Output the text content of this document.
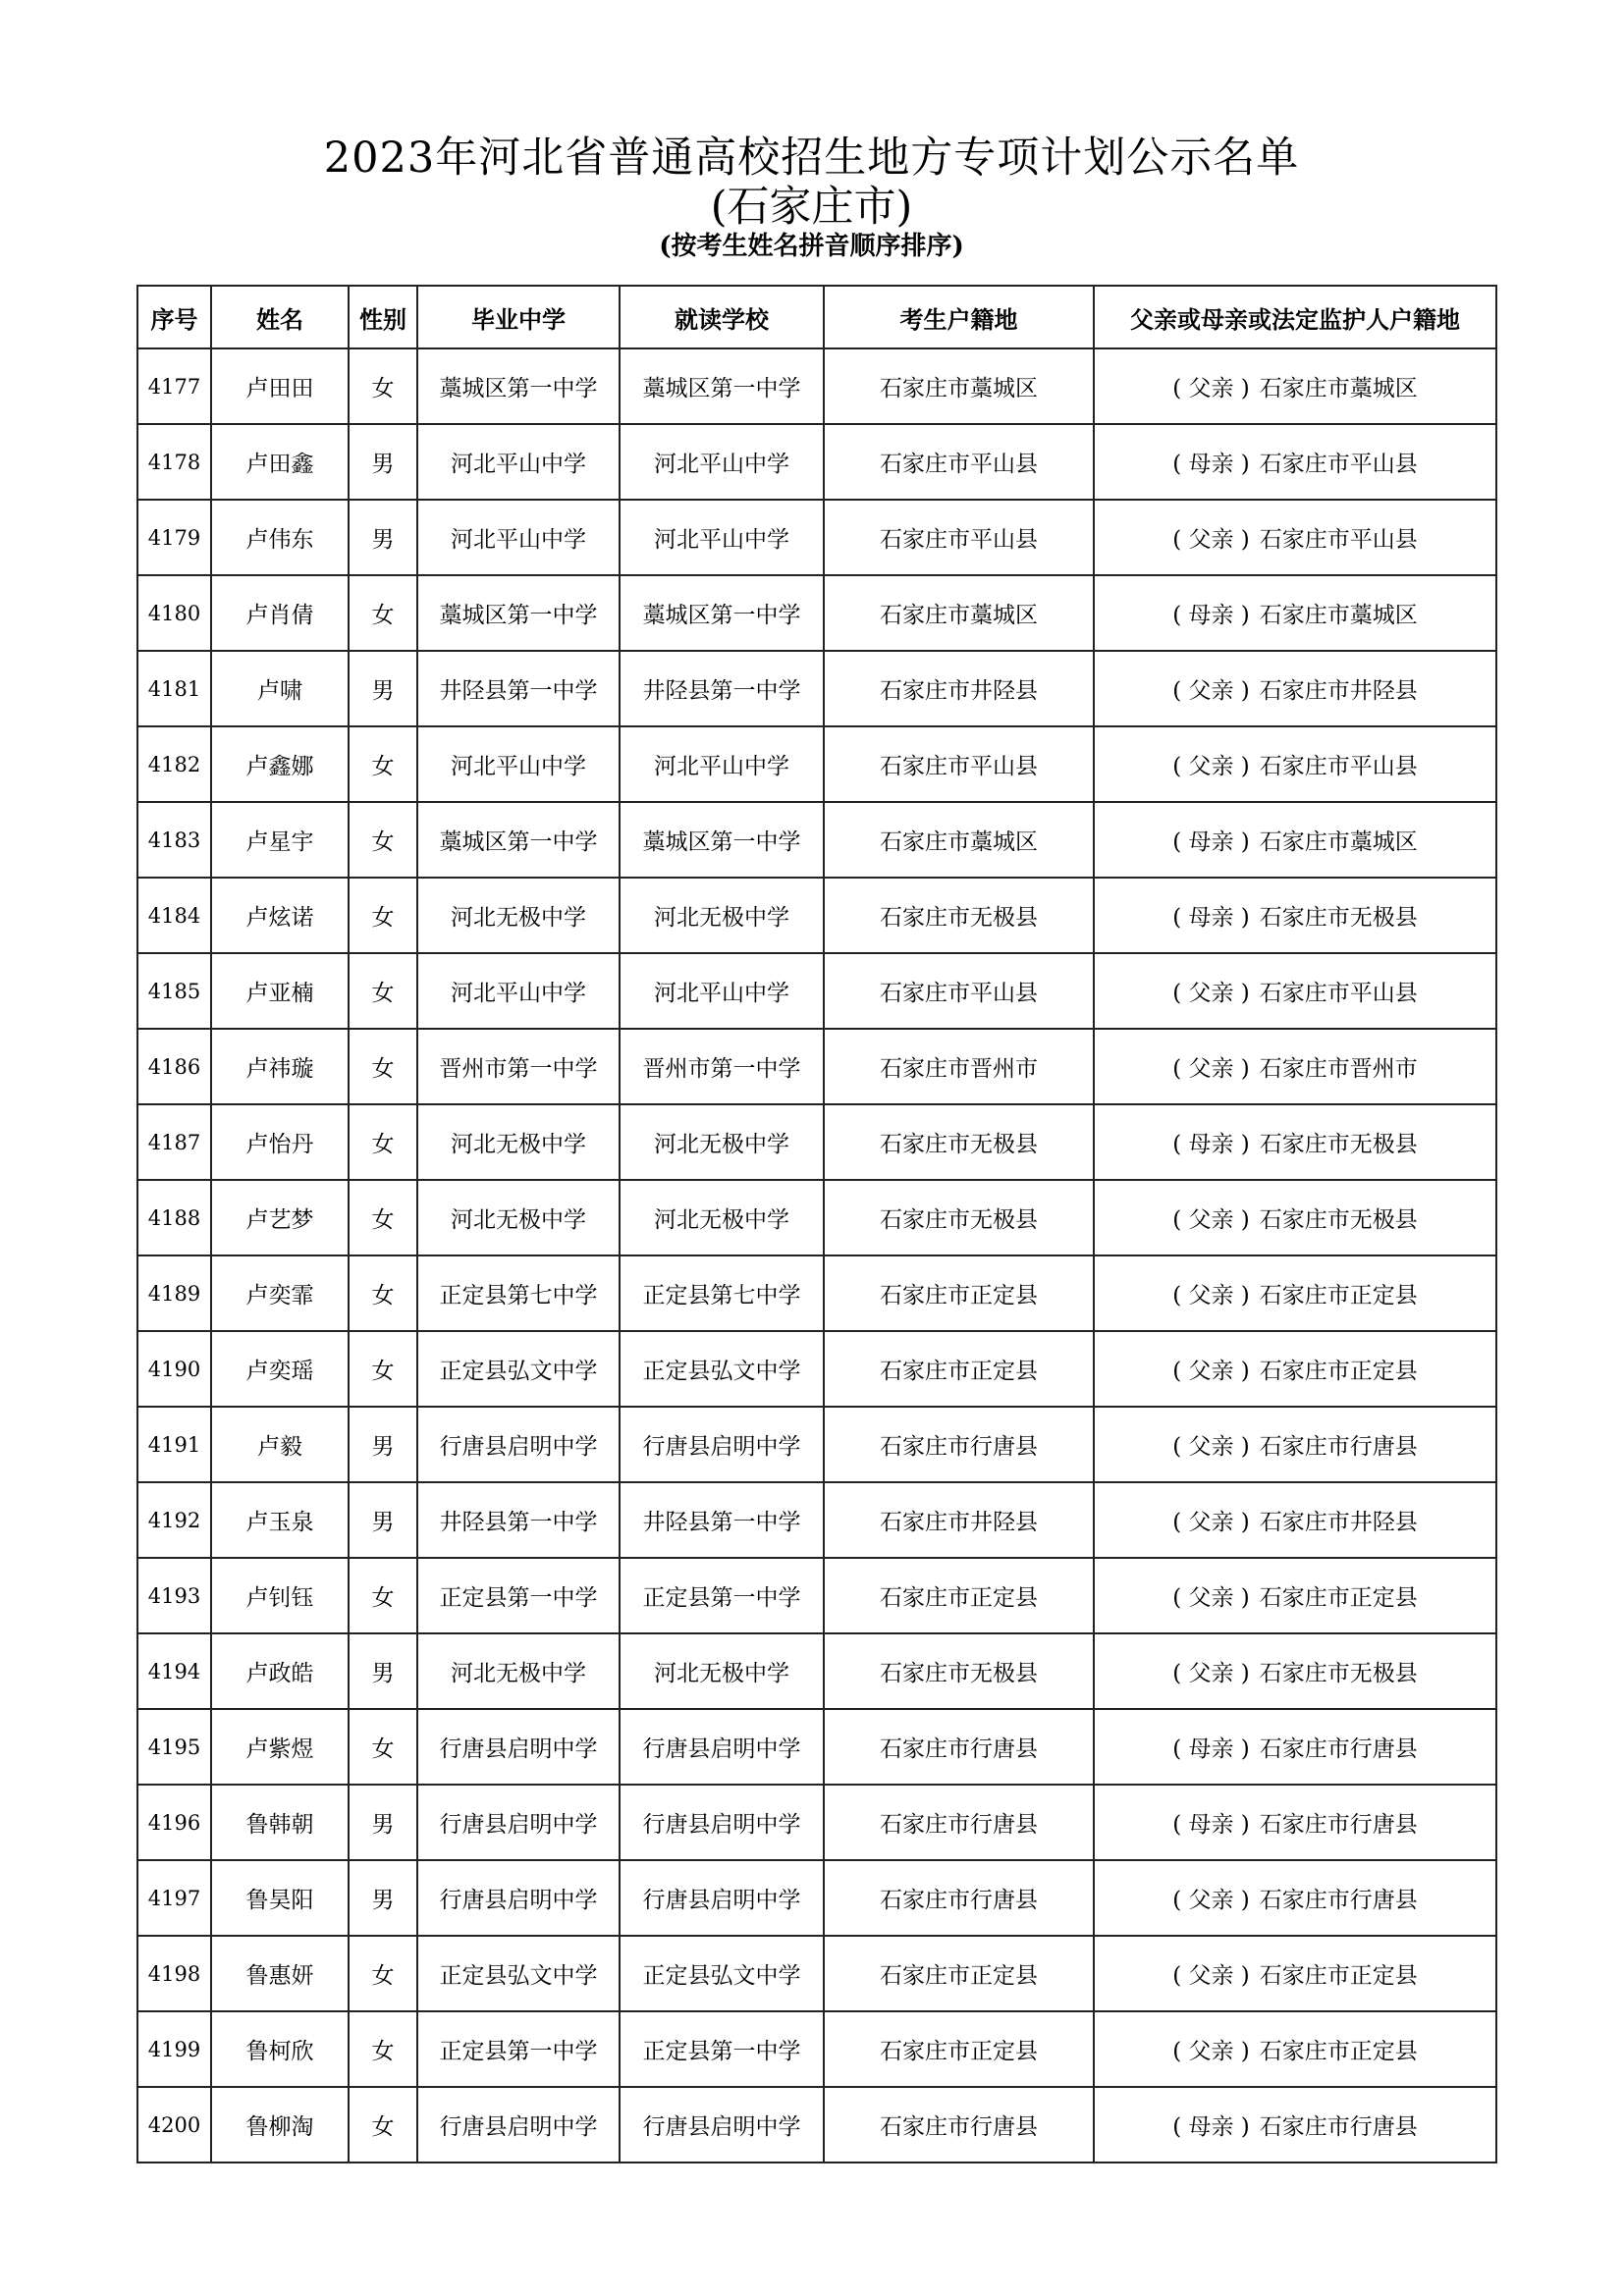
2023年河北省普通高校招生地方专项计划公示名单
(石家庄市)
(按考生姓名拼音顺序排序)
序号	姓名	性别	毕业中学	就读学校	考生户籍地	父亲或母亲或法定监护人户籍地
4177	卢田田	女	藁城区第一中学	藁城区第一中学	石家庄市藁城区	( 父亲 ) 石家庄市藁城区
4178	卢田鑫	男	河北平山中学	河北平山中学	石家庄市平山县	( 母亲 ) 石家庄市平山县
4179	卢伟东	男	河北平山中学	河北平山中学	石家庄市平山县	( 父亲 ) 石家庄市平山县
4180	卢肖倩	女	藁城区第一中学	藁城区第一中学	石家庄市藁城区	( 母亲 ) 石家庄市藁城区
4181	卢啸	男	井陉县第一中学	井陉县第一中学	石家庄市井陉县	( 父亲 ) 石家庄市井陉县
4182	卢鑫娜	女	河北平山中学	河北平山中学	石家庄市平山县	( 父亲 ) 石家庄市平山县
4183	卢星宇	女	藁城区第一中学	藁城区第一中学	石家庄市藁城区	( 母亲 ) 石家庄市藁城区
4184	卢炫诺	女	河北无极中学	河北无极中学	石家庄市无极县	( 母亲 ) 石家庄市无极县
4185	卢亚楠	女	河北平山中学	河北平山中学	石家庄市平山县	( 父亲 ) 石家庄市平山县
4186	卢祎璇	女	晋州市第一中学	晋州市第一中学	石家庄市晋州市	( 父亲 ) 石家庄市晋州市
4187	卢怡丹	女	河北无极中学	河北无极中学	石家庄市无极县	( 母亲 ) 石家庄市无极县
4188	卢艺梦	女	河北无极中学	河北无极中学	石家庄市无极县	( 父亲 ) 石家庄市无极县
4189	卢奕霏	女	正定县第七中学	正定县第七中学	石家庄市正定县	( 父亲 ) 石家庄市正定县
4190	卢奕瑶	女	正定县弘文中学	正定县弘文中学	石家庄市正定县	( 父亲 ) 石家庄市正定县
4191	卢毅	男	行唐县启明中学	行唐县启明中学	石家庄市行唐县	( 父亲 ) 石家庄市行唐县
4192	卢玉泉	男	井陉县第一中学	井陉县第一中学	石家庄市井陉县	( 父亲 ) 石家庄市井陉县
4193	卢钊钰	女	正定县第一中学	正定县第一中学	石家庄市正定县	( 父亲 ) 石家庄市正定县
4194	卢政皓	男	河北无极中学	河北无极中学	石家庄市无极县	( 父亲 ) 石家庄市无极县
4195	卢紫煜	女	行唐县启明中学	行唐县启明中学	石家庄市行唐县	( 母亲 ) 石家庄市行唐县
4196	鲁韩朝	男	行唐县启明中学	行唐县启明中学	石家庄市行唐县	( 母亲 ) 石家庄市行唐县
4197	鲁昊阳	男	行唐县启明中学	行唐县启明中学	石家庄市行唐县	( 父亲 ) 石家庄市行唐县
4198	鲁惠妍	女	正定县弘文中学	正定县弘文中学	石家庄市正定县	( 父亲 ) 石家庄市正定县
4199	鲁柯欣	女	正定县第一中学	正定县第一中学	石家庄市正定县	( 父亲 ) 石家庄市正定县
4200	鲁柳淘	女	行唐县启明中学	行唐县启明中学	石家庄市行唐县	( 母亲 ) 石家庄市行唐县
